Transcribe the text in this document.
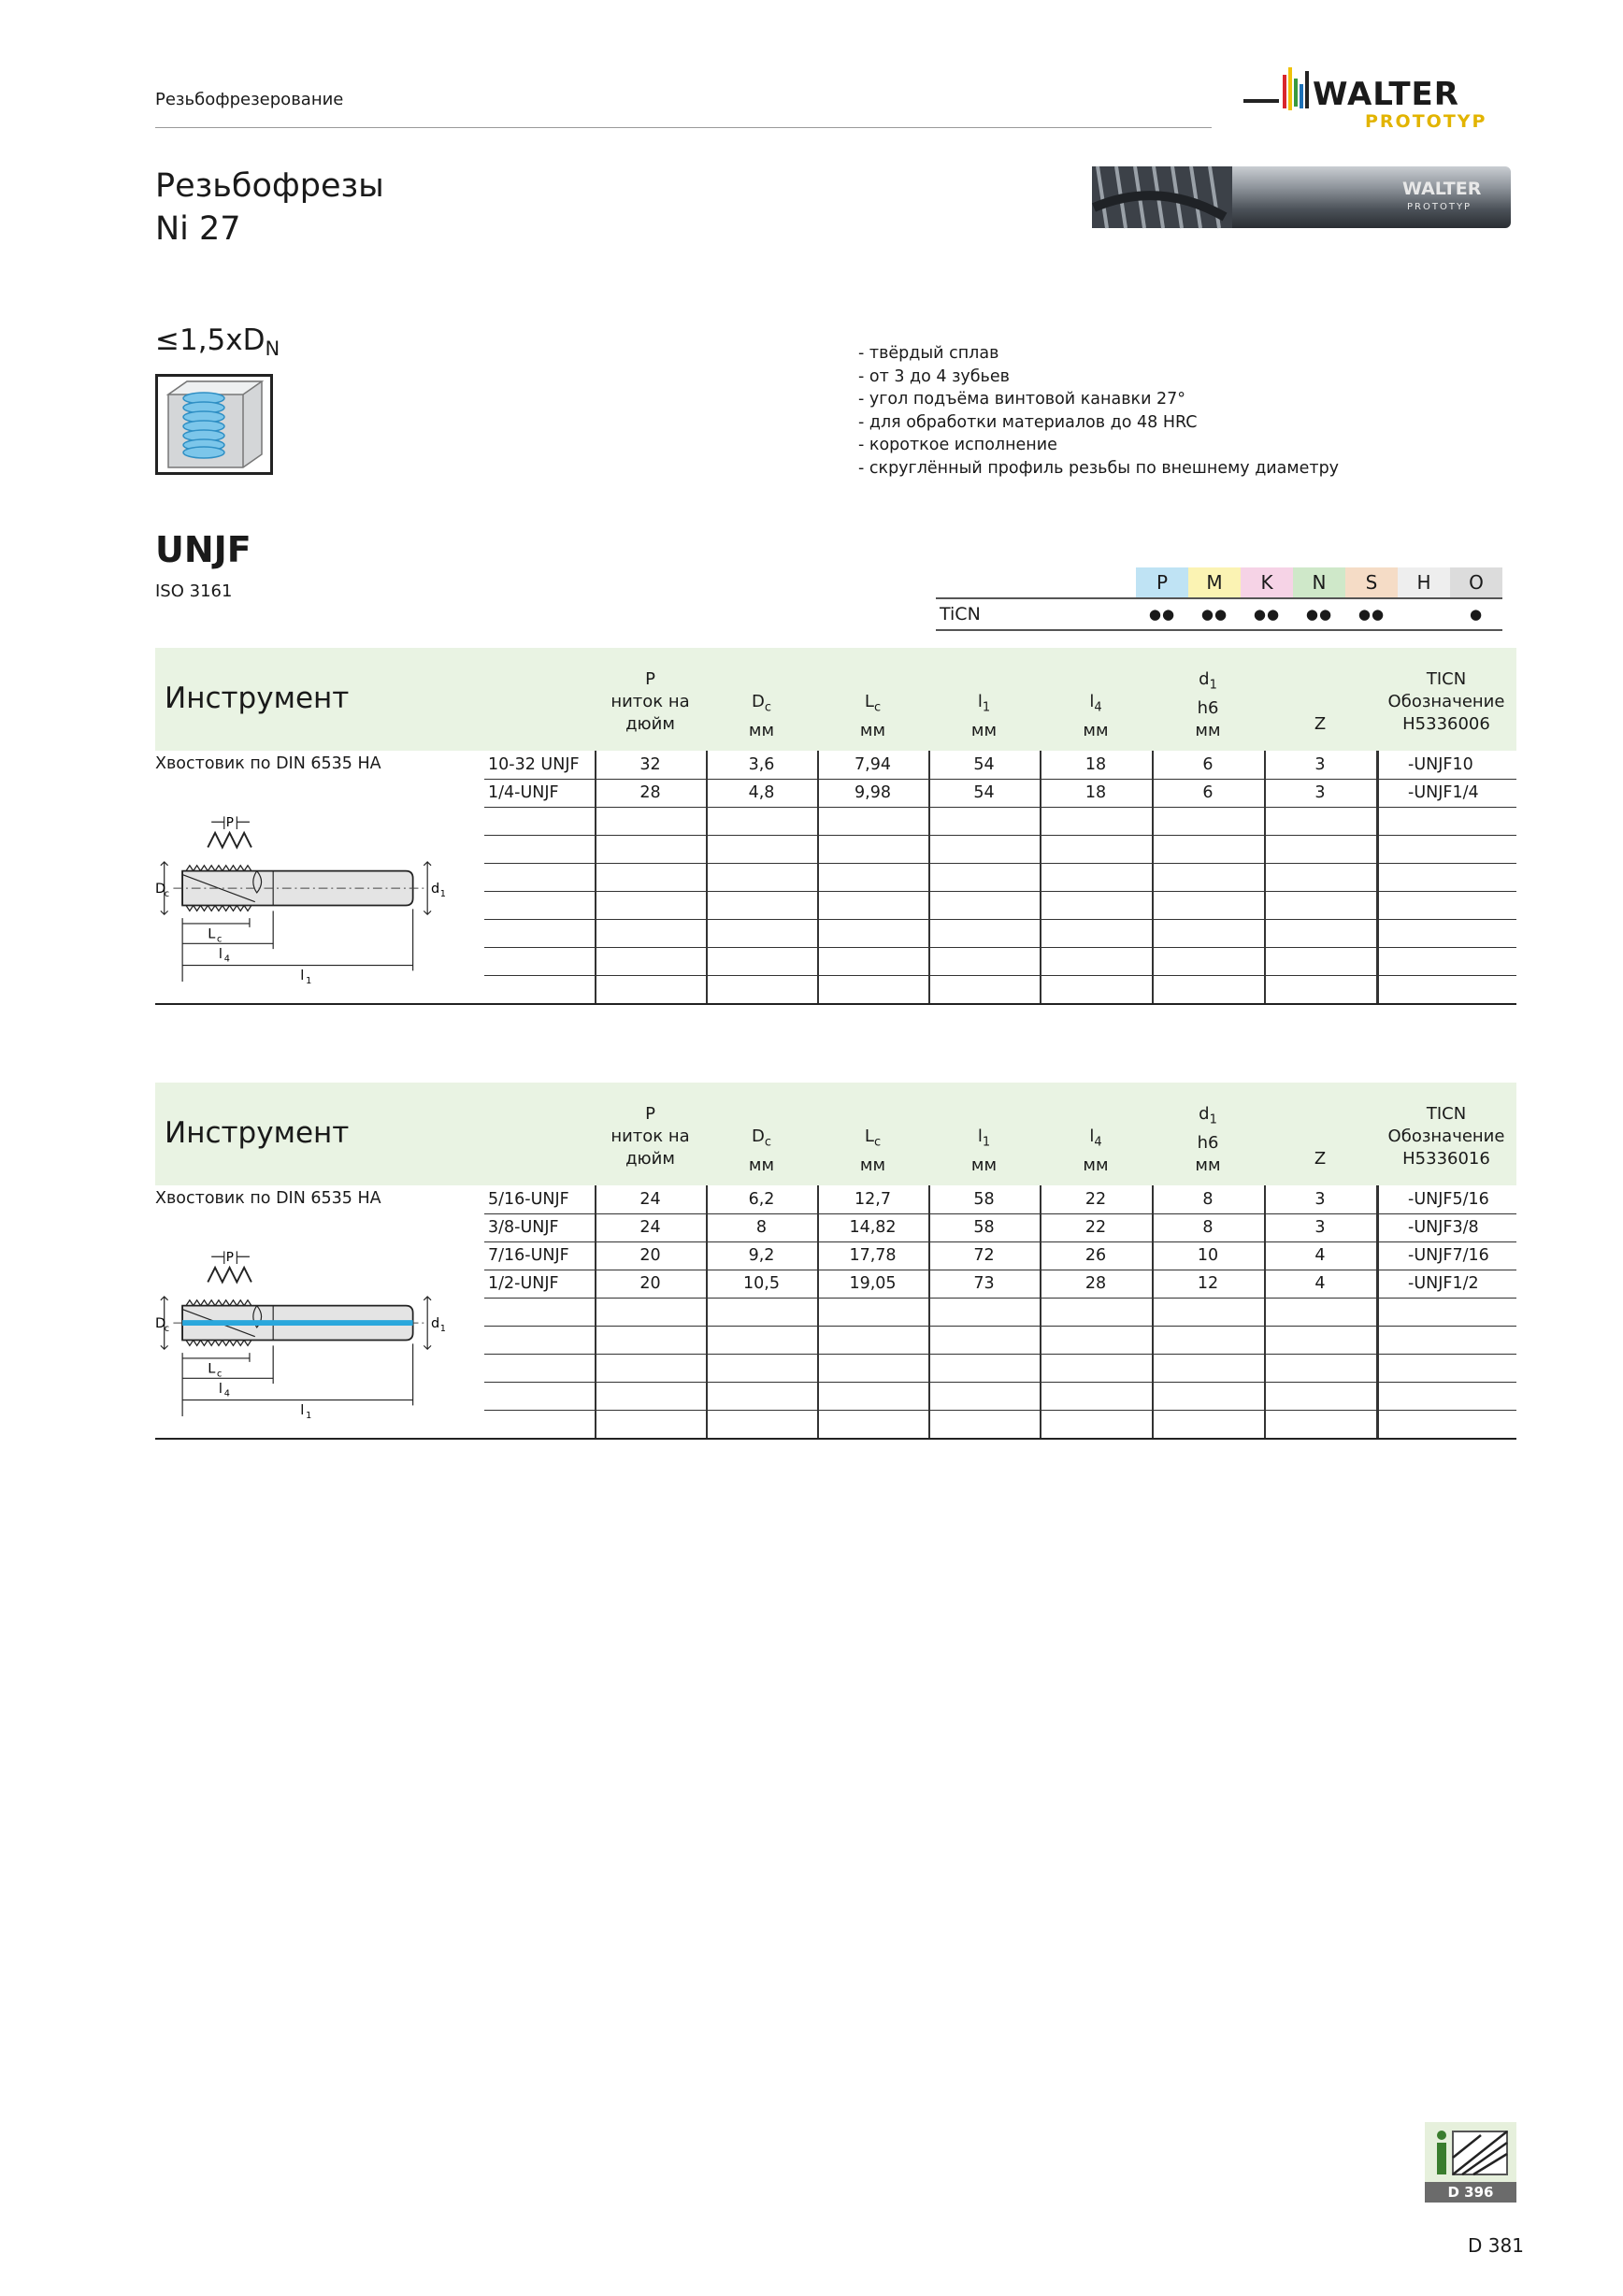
Резьбофрезерование	WALTER
PROTOTYP
Резьбофрезы
Ni 27
WALTER
PROTOTYP
$\le 1,5xD_N$	- твёрдый сплав
- от 3 до 4 зубьев
- угол подъёма винтовой канавки 27°
- для обработки материалов до 48 HRC
- короткое исполнение
- скруглённый профиль резьбы по внешнему диаметру
UNJF
ISO 3161
		P	M	K	N	S	H	O
TiCN	●●	●●	●●	●●	●●		●
Инструмент
P
ниток на
дюйм
$D_c$
мм
$L_c$
мм
$l_1$
мм
$l_4$
мм
$d_1$
h6
мм	Z
TICN
Обозначение
H5336006
Хвостовик по DIN 6535 HA
P
D
c	d 1
L c
l 4
l 1
10-32 UNJF	32	3,6	7,94	54	18	6	3	-UNJF10
1/4-UNJF	28	4,8	9,98	54	18	6	3	-UNJF1/4
Инструмент
P
ниток на
дюйм
$D_c$
мм
$L_c$
мм
$l_1$
мм
$l_4$
мм
$d_1$
h6
мм	Z
TICN
Обозначение
H5336016
Хвостовик по DIN 6535 HA
P
D
c	d 1
L c
l 4
l 1
5/16-UNJF	24	6,2	12,7	58	22	8	3	-UNJF5/16
3/8-UNJF	24	8	14,82	58	22	8	3	-UNJF3/8
7/16-UNJF	20	9,2	17,78	72	26	10	4	-UNJF7/16
1/2-UNJF	20	10,5	19,05	73	28	12	4	-UNJF1/2
D 396
D 381
